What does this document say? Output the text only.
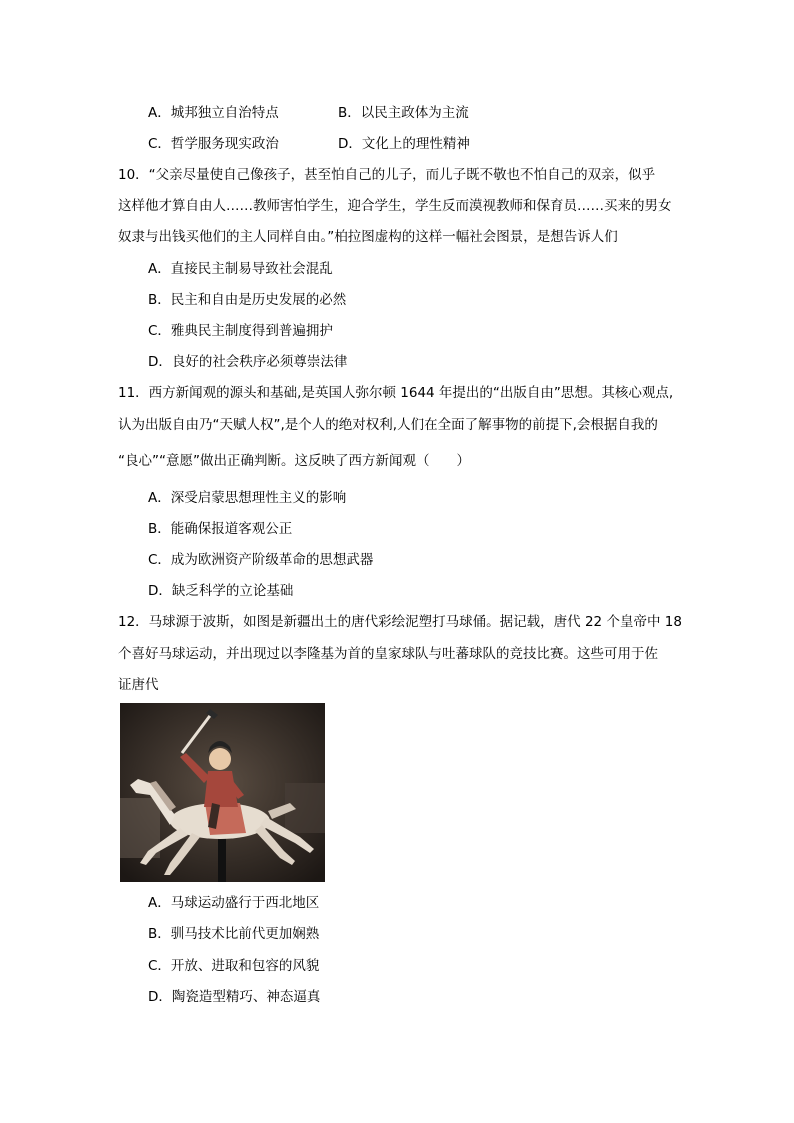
A．城邦独立自治特点	B．以民主政体为主流
C．哲学服务现实政治	D．文化上的理性精神
10．“父亲尽量使自己像孩子，甚至怕自己的儿子，而儿子既不敬也不怕自己的双亲，似乎
这样他才算自由人……教师害怕学生，迎合学生，学生反而漠视教师和保育员……买来的男女
奴隶与出钱买他们的主人同样自由。”柏拉图虚构的这样一幅社会图景，是想告诉人们
A．直接民主制易导致社会混乱
B．民主和自由是历史发展的必然
C．雅典民主制度得到普遍拥护
D．良好的社会秩序必须尊崇法律
11．西方新闻观的源头和基础,是英国人弥尔顿 1644 年提出的“出版自由”思想。其核心观点,
认为出版自由乃“天赋人权”,是个人的绝对权利,人们在全面了解事物的前提下,会根据自我的
“良心”“意愿”做出正确判断。这反映了西方新闻观（　　）
A．深受启蒙思想理性主义的影响
B．能确保报道客观公正
C．成为欧洲资产阶级革命的思想武器
D．缺乏科学的立论基础
12．马球源于波斯，如图是新疆出土的唐代彩绘泥塑打马球俑。据记载，唐代 22 个皇帝中 18
个喜好马球运动，并出现过以李隆基为首的皇家球队与吐蕃球队的竞技比赛。这些可用于佐
证唐代
A．马球运动盛行于西北地区
B．驯马技术比前代更加娴熟
C．开放、进取和包容的风貌
D．陶瓷造型精巧、神态逼真
